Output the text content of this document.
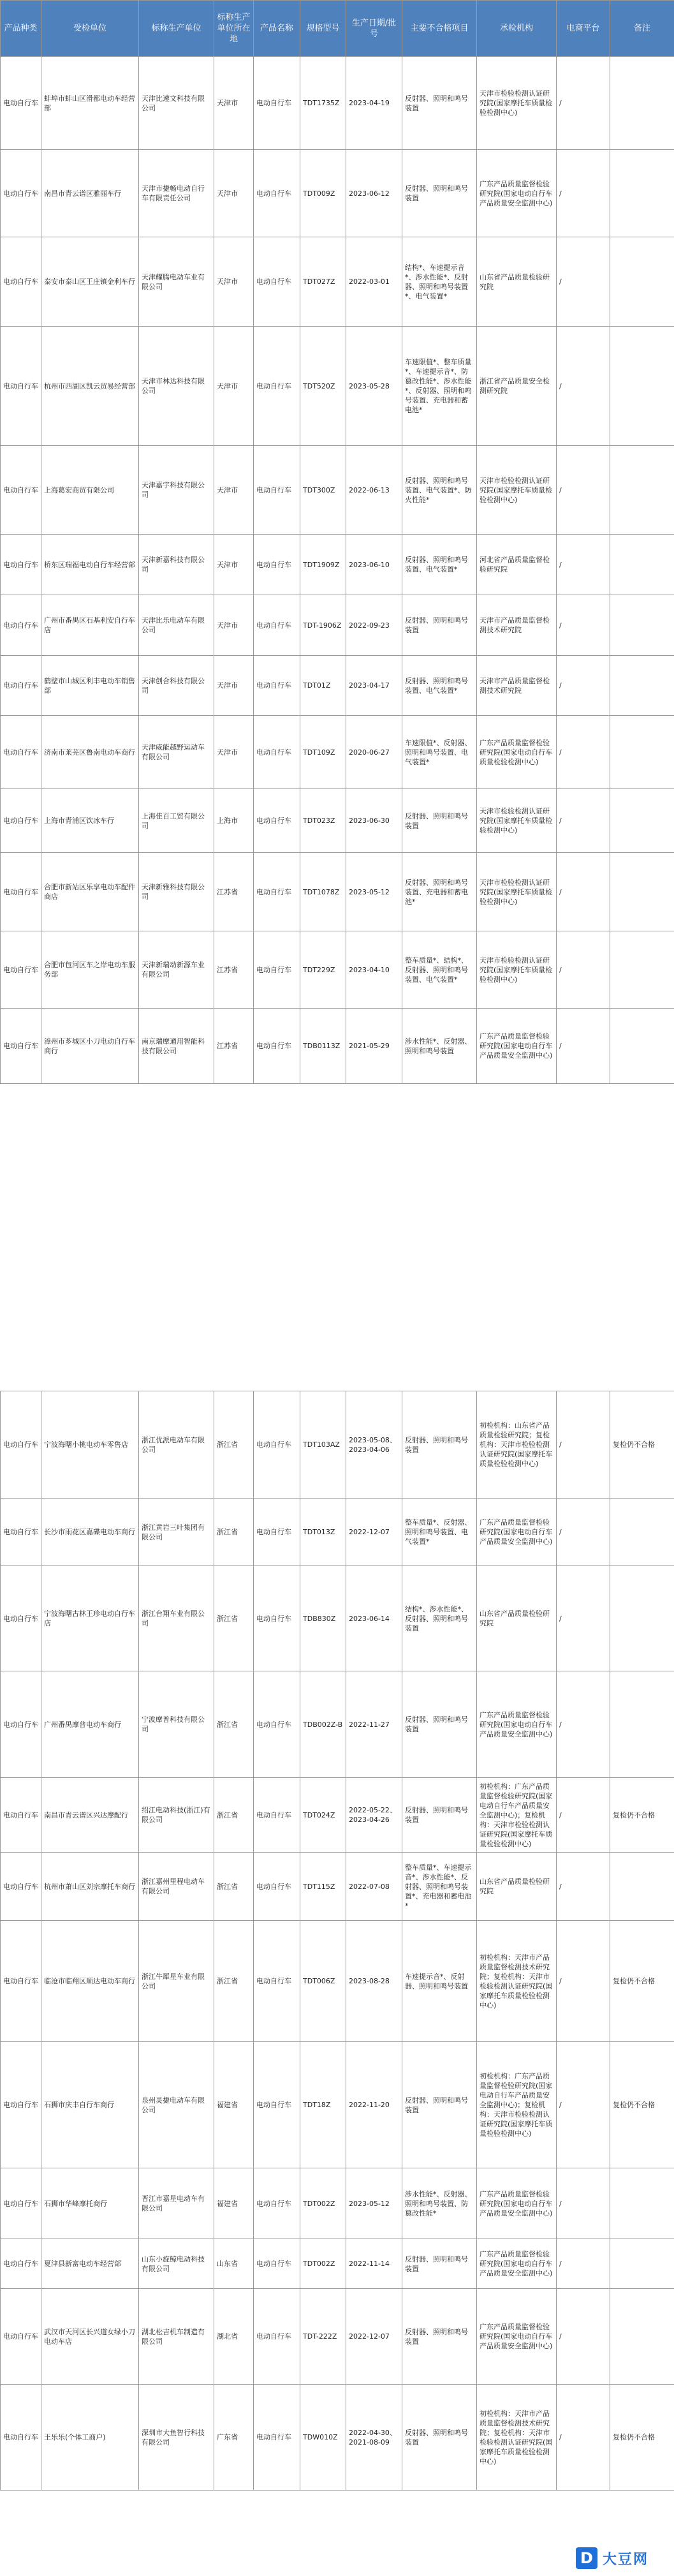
产品种类	受检单位	标称生产单位	标称生产单位所在地	产品名称	规格型号	生产日期/批号	主要不合格项目	承检机构	电商平台	备注
电动自行车	蚌埠市蚌山区滑都电动车经营部	天津比速文科技有限公司	天津市	电动自行车	TDT1735Z	2023-04-19	反射器、照明和鸣号装置	天津市检验检测认证研究院(国家摩托车质量检验检测中心)	/	
电动自行车	南昌市青云谱区雅丽车行	天津市捷畅电动自行车有限责任公司	天津市	电动自行车	TDT009Z	2023-06-12	反射器、照明和鸣号装置	广东产品质量监督检验研究院(国家电动自行车产品质量安全监测中心)	/	
电动自行车	泰安市泰山区王庄镇金利车行	天津耀腾电动车业有限公司	天津市	电动自行车	TDT027Z	2022-03-01	结构*、车速提示音*、涉水性能*、反射器、照明和鸣号装置*、电气装置*	山东省产品质量检验研究院	/	
电动自行车	杭州市西湖区凯云贸易经营部	天津市林达科技有限公司	天津市	电动自行车	TDT520Z	2023-05-28	车速限值*、整车质量*、车速提示音*、防篡改性能*、涉水性能*、反射器、照明和鸣号装置、充电器和蓄电池*	浙江省产品质量安全检测研究院	/	
电动自行车	上海葛宏商贸有限公司	天津嘉宇科技有限公司	天津市	电动自行车	TDT300Z	2022-06-13	反射器、照明和鸣号装置、电气装置*、防火性能*	天津市检验检测认证研究院(国家摩托车质量检验检测中心)	/	
电动自行车	桥东区瑞福电动自行车经营部	天津新嘉科技有限公司	天津市	电动自行车	TDT1909Z	2023-06-10	反射器、照明和鸣号装置、电气装置*	河北省产品质量监督检验研究院	/	
电动自行车	广州市番禺区石基利安自行车店	天津比乐电动车有限公司	天津市	电动自行车	TDT-1906Z	2022-09-23	反射器、照明和鸣号装置	天津市产品质量监督检测技术研究院	/	
电动自行车	鹤壁市山城区利丰电动车销售部	天津创合科技有限公司	天津市	电动自行车	TDT01Z	2023-04-17	反射器、照明和鸣号装置、电气装置*	天津市产品质量监督检测技术研究院	/	
电动自行车	济南市莱芜区鲁南电动车商行	天津威能越野运动车有限公司	天津市	电动自行车	TDT109Z	2020-06-27	车速限值*、反射器、照明和鸣号装置、电气装置*	广东产品质量监督检验研究院(国家电动自行车质量检验检测中心)	/	
电动自行车	上海市青浦区饮冰车行	上海佳百工贸有限公司	上海市	电动自行车	TDT023Z	2023-06-30	反射器、照明和鸣号装置	天津市检验检测认证研究院(国家摩托车质量检验检测中心)	/	
电动自行车	合肥市新站区乐享电动车配件商店	天津新雅科技有限公司	江苏省	电动自行车	TDT1078Z	2023-05-12	反射器、照明和鸣号装置、充电器和蓄电池*	天津市检验检测认证研究院(国家摩托车质量检验检测中心)	/	
电动自行车	合肥市包河区车之岸电动车服务部	天津新瑞动新源车业有限公司	江苏省	电动自行车	TDT229Z	2023-04-10	整车质量*、结构*、反射器、照明和鸣号装置、电气装置*	天津市检验检测认证研究院(国家摩托车质量检验检测中心)	/	
电动自行车	漳州市芗城区小刀电动自行车商行	南京瑞摩通用智能科技有限公司	江苏省	电动自行车	TDB0113Z	2021-05-29	涉水性能*、反射器、照明和鸣号装置	广东产品质量监督检验研究院(国家电动自行车产品质量安全监测中心)	/	
电动自行车	宁波海曙小桃电动车零售店	浙江优派电动车有限公司	浙江省	电动自行车	TDT103AZ	2023-05-08、2023-04-06	反射器、照明和鸣号装置	初检机构：山东省产品质量检验研究院；复检机构：天津市检验检测认证研究院(国家摩托车质量检验检测中心)	/	复检仍不合格
电动自行车	长沙市雨花区嘉碟电动车商行	浙江黄岩三叶集团有限公司	浙江省	电动自行车	TDT013Z	2022-12-07	整车质量*、反射器、照明和鸣号装置、电气装置*	广东产品质量监督检验研究院(国家电动自行车产品质量安全监测中心)	/	
电动自行车	宁波海曙古林王珍电动自行车店	浙江台翔车业有限公司	浙江省	电动自行车	TDB830Z	2023-06-14	结构*、涉水性能*、反射器、照明和鸣号装置	山东省产品质量检验研究院	/	
电动自行车	广州番禺摩普电动车商行	宁波摩普科技有限公司	浙江省	电动自行车	TDB002Z-B	2022-11-27	反射器、照明和鸣号装置	广东产品质量监督检验研究院(国家电动自行车产品质量安全监测中心)	/	
电动自行车	南昌市青云谱区兴达摩配行	绍江电动科技(浙江)有限公司	浙江省	电动自行车	TDT024Z	2022-05-22、2023-04-26	反射器、照明和鸣号装置	初检机构：广东产品质量监督检验研究院(国家电动自行车产品质量安全监测中心)；复检机构：天津市检验检测认证研究院(国家摩托车质量检验检测中心)	/	复检仍不合格
电动自行车	杭州市萧山区刘宗摩托车商行	浙江嘉州里程电动车有限公司	浙江省	电动自行车	TDT115Z	2022-07-08	整车质量*、车速提示音*、涉水性能*、反射器、照明和鸣号装置*、充电器和蓄电池*	山东省产品质量检验研究院	/	
电动自行车	临沧市临翔区顺达电动车商行	浙江牛犀星车业有限公司	浙江省	电动自行车	TDT006Z	2023-08-28	车速提示音*、反射器、照明和鸣号装置	初检机构：天津市产品质量监督检测技术研究院；复检机构：天津市检验检测认证研究院(国家摩托车质量检验检测中心)	/	复检仍不合格
电动自行车	石狮市庆丰自行车商行	泉州灵捷电动车有限公司	福建省	电动自行车	TDT18Z	2022-11-20	反射器、照明和鸣号装置	初检机构：广东产品质量监督检验研究院(国家电动自行车产品质量安全监测中心)；复检机构：天津市检验检测认证研究院(国家摩托车质量检验检测中心)	/	复检仍不合格
电动自行车	石狮市华峰摩托商行	晋江市嘉星电动车有限公司	福建省	电动自行车	TDT002Z	2023-05-12	涉水性能*、反射器、照明和鸣号装置、防篡改性能*	广东产品质量监督检验研究院(国家电动自行车产品质量安全监测中心)	/	
电动自行车	夏津县新富电动车经营部	山东小旋鲸电动科技有限公司	山东省	电动自行车	TDT002Z	2022-11-14	反射器、照明和鸣号装置	广东产品质量监督检验研究院(国家电动自行车产品质量安全监测中心)	/	
电动自行车	武汉市天河区长兴道女绿小刀电动车店	湖北松吉机车制造有限公司	湖北省	电动自行车	TDT-222Z	2022-12-07	反射器、照明和鸣号装置	广东产品质量监督检验研究院(国家电动自行车产品质量安全监测中心)	/	
电动自行车	王乐乐(个体工商户)	深圳市大鱼智行科技有限公司	广东省	电动自行车	TDW010Z	2022-04-30、2021-08-09	反射器、照明和鸣号装置	初检机构：天津市产品质量监督检测技术研究院；复检机构：天津市检验检测认证研究院(国家摩托车质量检验检测中心)	/	复检仍不合格
D 大豆网
